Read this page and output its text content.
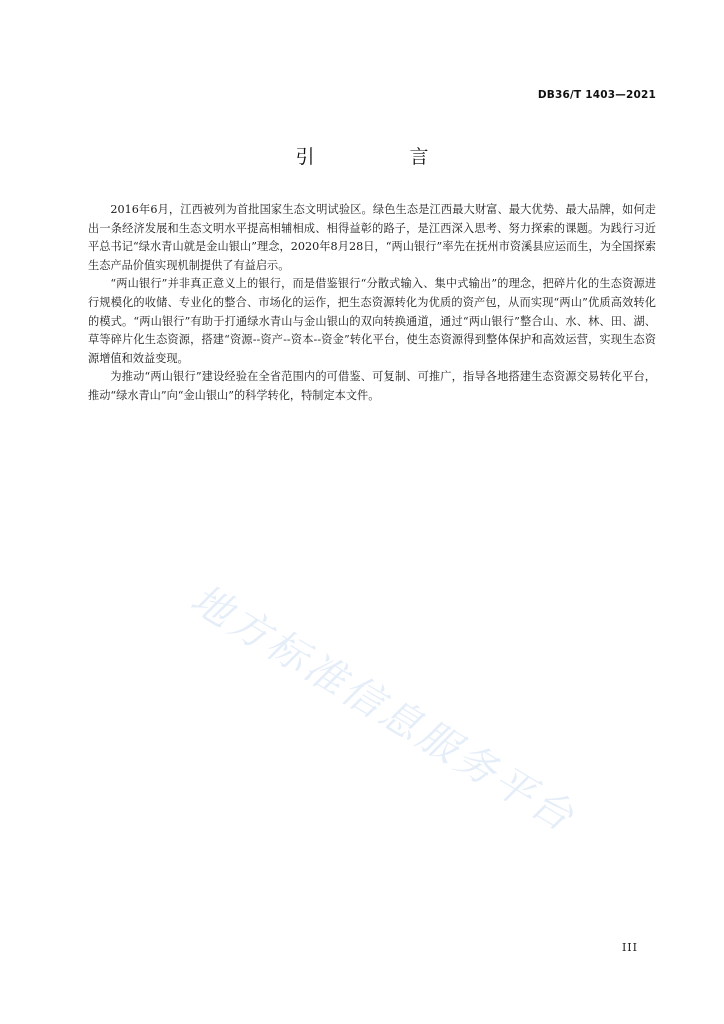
DB36/T 1403—2021
引　言

2016年6月，江西被列为首批国家生态文明试验区。绿色生态是江西最大财富、最大优势、最大品牌，如何走出一条经济发展和生态文明水平提高相辅相成、相得益彰的路子，是江西深入思考、努力探索的课题。为践行习近平总书记“绿水青山就是金山银山”理念，2020年8月28日，“两山银行”率先在抚州市资溪县应运而生，为全国探索生态产品价值实现机制提供了有益启示。

“两山银行”并非真正意义上的银行，而是借鉴银行“分散式输入、集中式输出”的理念，把碎片化的生态资源进行规模化的收储、专业化的整合、市场化的运作，把生态资源转化为优质的资产包，从而实现“两山”优质高效转化的模式。“两山银行”有助于打通绿水青山与金山银山的双向转换通道，通过“两山银行”整合山、水、林、田、湖、草等碎片化生态资源，搭建“资源--资产--资本--资金”转化平台，使生态资源得到整体保护和高效运营，实现生态资源增值和效益变现。

为推动“两山银行”建设经验在全省范围内的可借鉴、可复制、可推广，指导各地搭建生态资源交易转化平台，推动“绿水青山”向“金山银山”的科学转化，特制定本文件。

地方标准信息服务平台
III
